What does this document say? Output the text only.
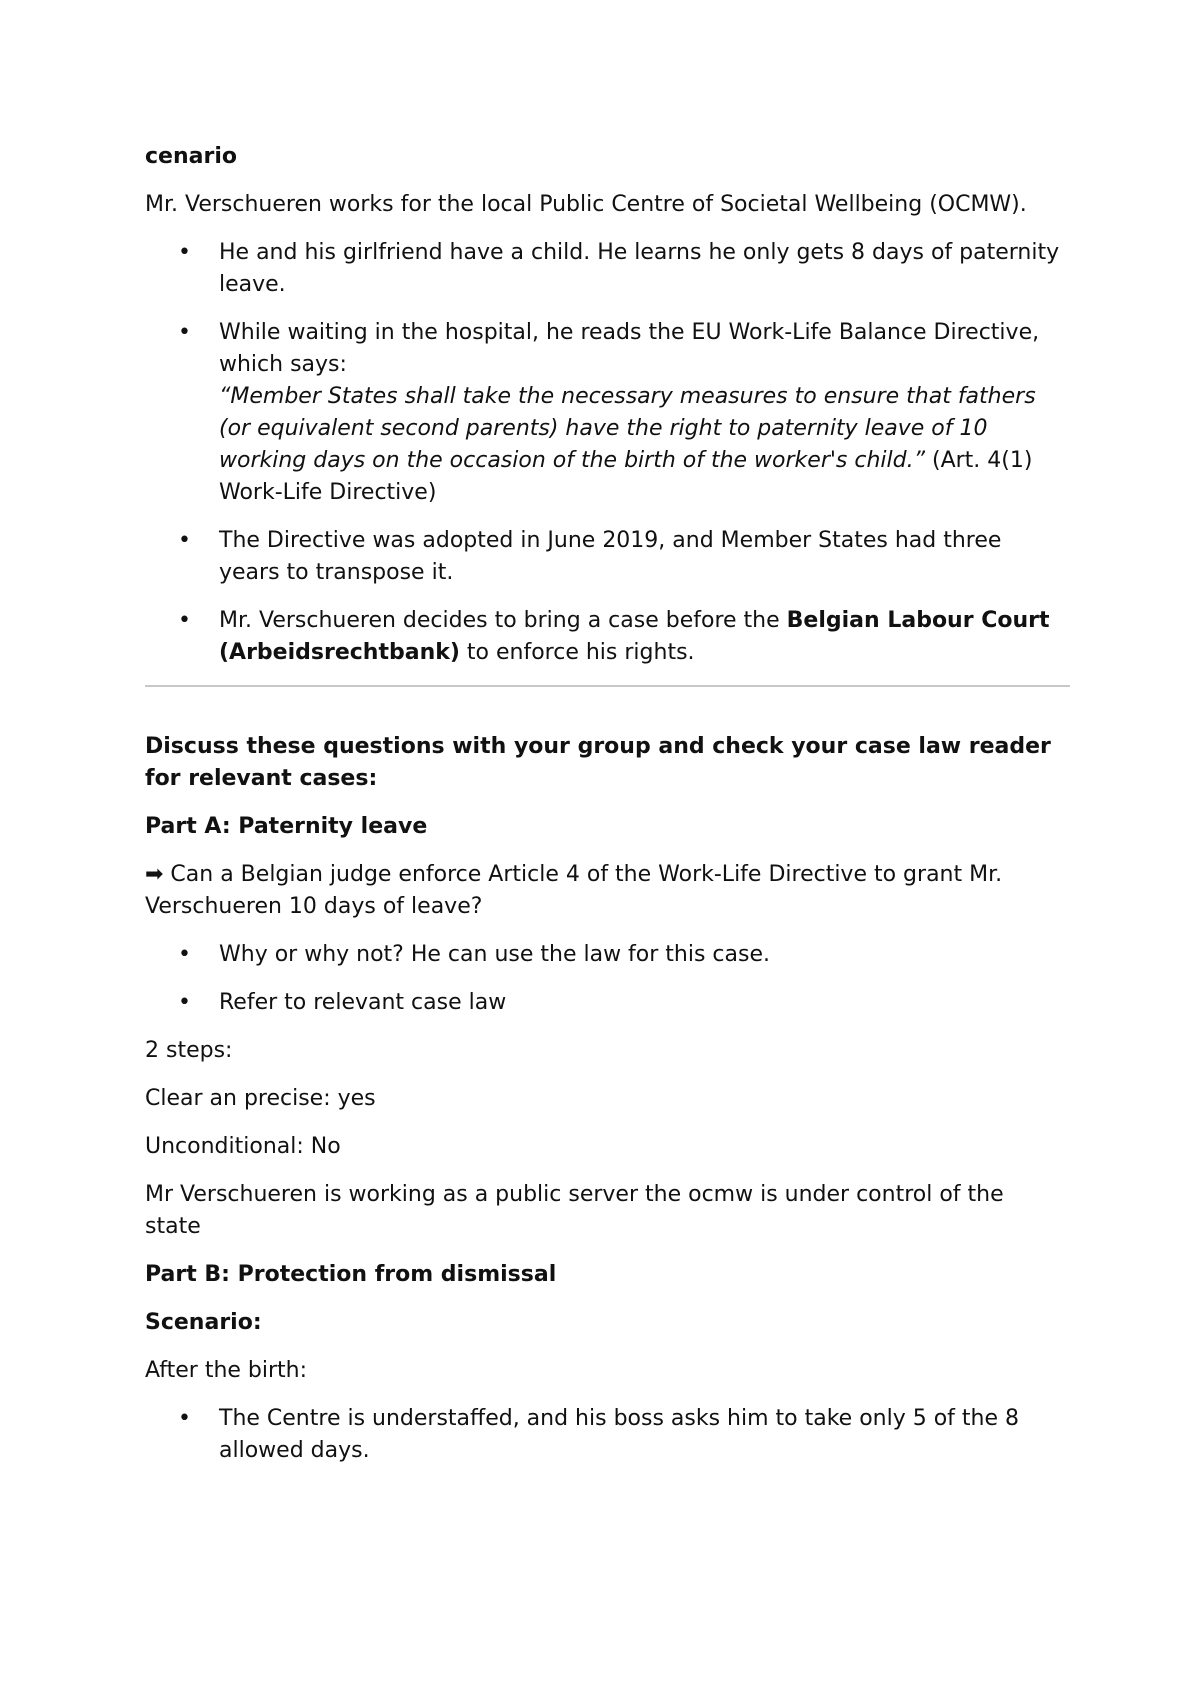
cenario

Mr. Verschueren works for the local Public Centre of Societal Wellbeing (OCMW).

• He and his girlfriend have a child. He learns he only gets 8 days of paternity leave.
• While waiting in the hospital, he reads the EU Work-Life Balance Directive, which says:
“Member States shall take the necessary measures to ensure that fathers (or equivalent second parents) have the right to paternity leave of 10 working days on the occasion of the birth of the worker's child.” (Art. 4(1) Work-Life Directive)
• The Directive was adopted in June 2019, and Member States had three years to transpose it.
• Mr. Verschueren decides to bring a case before the Belgian Labour Court (Arbeidsrechtbank) to enforce his rights.

Discuss these questions with your group and check your case law reader for relevant cases:

Part A: Paternity leave

➡ Can a Belgian judge enforce Article 4 of the Work-Life Directive to grant Mr. Verschueren 10 days of leave?

• Why or why not? He can use the law for this case.
• Refer to relevant case law

2 steps:

Clear an precise: yes

Unconditional: No

Mr Verschueren is working as a public server the ocmw is under control of the state

Part B: Protection from dismissal

Scenario:

After the birth:

• The Centre is understaffed, and his boss asks him to take only 5 of the 8 allowed days.
